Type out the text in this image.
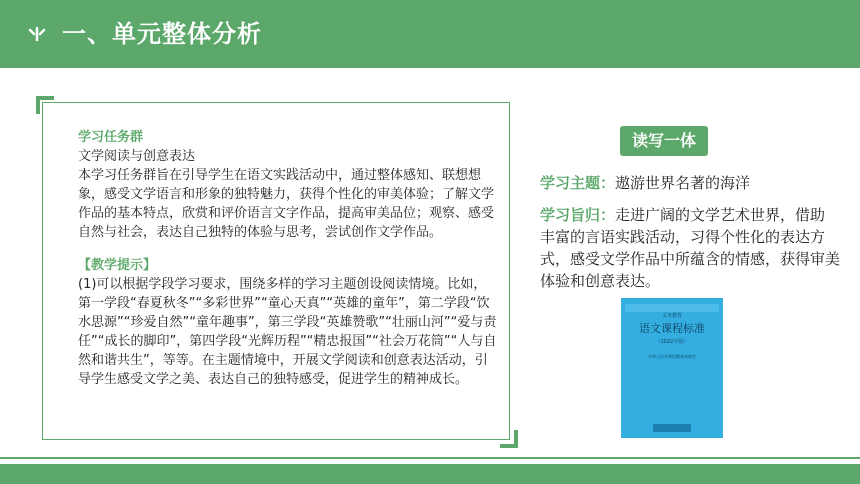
一、单元整体分析
学习任务群
文学阅读与创意表达
本学习任务群旨在引导学生在语文实践活动中，通过整体感知、联想想象，感受文学语言和形象的独特魅力，获得个性化的审美体验；了解文学作品的基本特点，欣赏和评价语言文字作品，提高审美品位；观察、感受自然与社会，表达自己独特的体验与思考，尝试创作文学作品。
【教学提示】
(1)可以根据学段学习要求，围绕多样的学习主题创设阅读情境。比如，第一学段“春夏秋冬”“多彩世界”“童心天真”“英雄的童年”，第二学段“饮水思源”“珍爱自然”“童年趣事”，第三学段“英雄赞歌”“壮丽山河”“爱与责任”“成长的脚印”，第四学段“光辉历程”“精忠报国”“社会万花筒”“人与自然和谐共生”，等等。在主题情境中，开展文学阅读和创意表达活动，引导学生感受文学之美、表达自己的独特感受，促进学生的精神成长。
读写一体
学习主题：遨游世界名著的海洋
学习旨归：走进广阔的文学艺术世界，借助丰富的言语实践活动，习得个性化的表达方式，感受文学作品中所蕴含的情感，获得审美体验和创意表达。
义务教育
语文课程标准
（2022年版）
中华人民共和国教育部制定
